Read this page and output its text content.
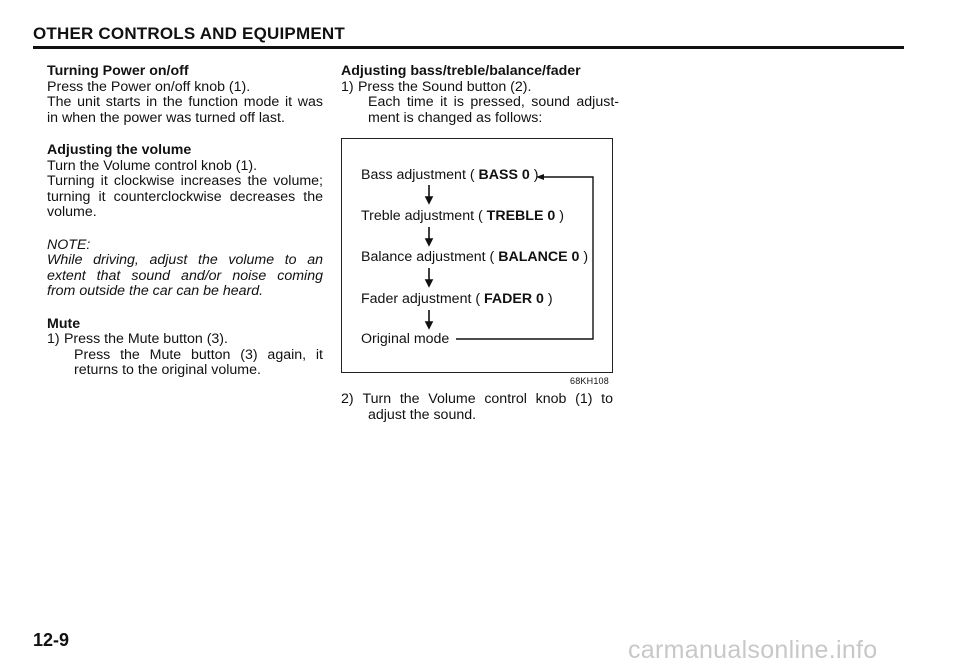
OTHER CONTROLS AND EQUIPMENT
Turning Power on/off
Press the Power on/off knob (1).
The unit starts in the function mode it was
in when the power was turned off last.
Adjusting the volume
Turn the Volume control knob (1).
Turning it clockwise increases the volume;
turning it counterclockwise decreases the
volume.
NOTE:
While driving, adjust the volume to an
extent that sound and/or noise coming
from outside the car can be heard.
Mute
1) Press the Mute button (3).
Press the Mute button (3) again, it
returns to the original volume.
Adjusting bass/treble/balance/fader
1) Press the Sound button (2).
Each time it is pressed, sound adjust-
ment is changed as follows:
Bass adjustment ( BASS 0 )
Treble adjustment ( TREBLE 0 )
Balance adjustment ( BALANCE 0 )
Fader adjustment ( FADER 0 )
Original mode
68KH108
2) Turn the Volume control knob (1) to
adjust the sound.
12-9	carmanualsonline.info
